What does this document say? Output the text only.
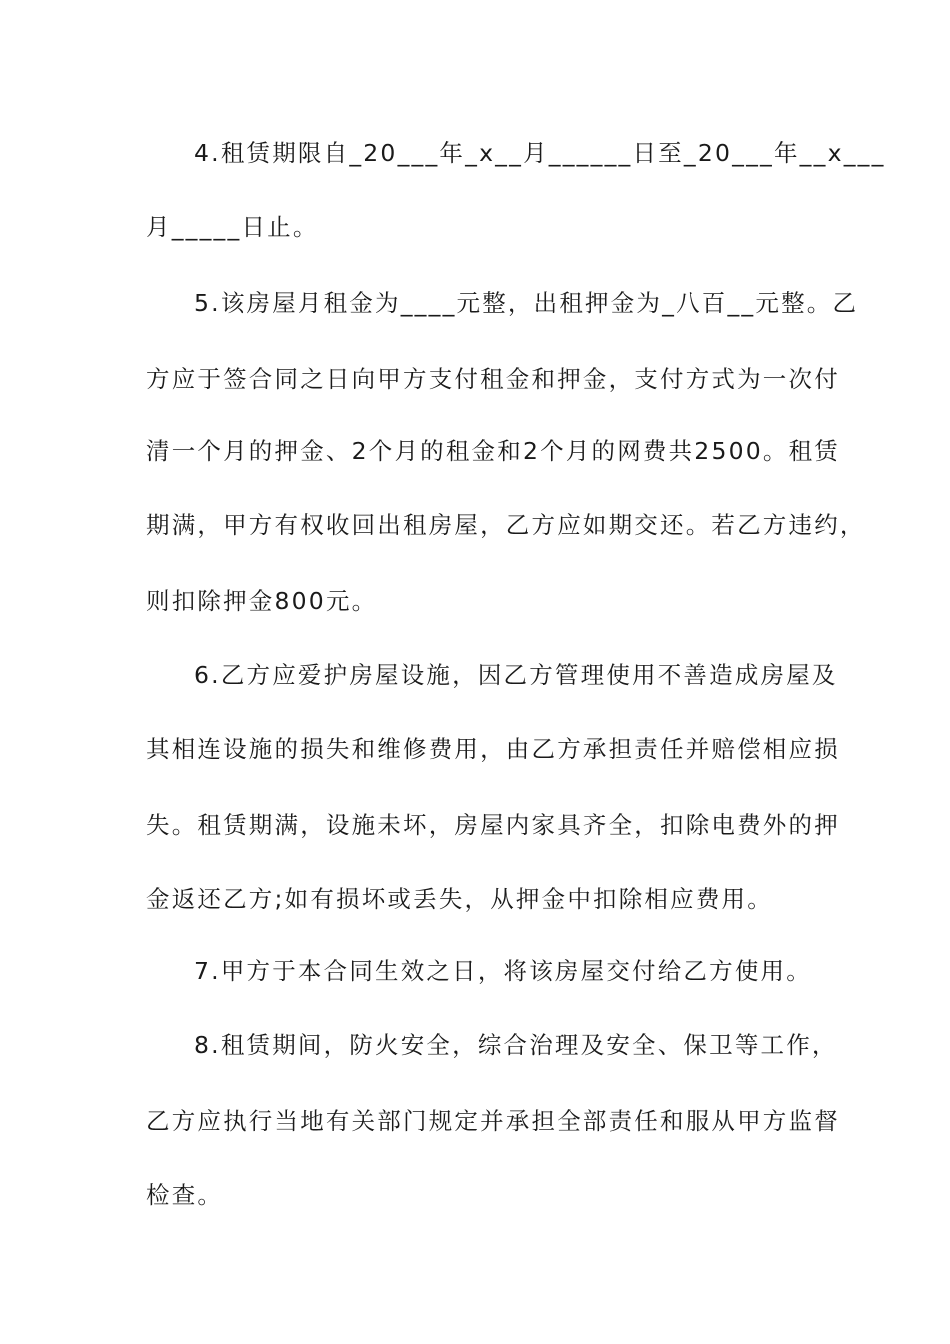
4.租赁期限自_20___年_x__月______日至_20___年__x___
月_____日止。
5.该房屋月租金为____元整，出租押金为_八百__元整。乙
方应于签合同之日向甲方支付租金和押金，支付方式为一次付
清一个月的押金、2个月的租金和2个月的网费共2500。租赁
期满，甲方有权收回出租房屋，乙方应如期交还。若乙方违约，
则扣除押金800元。
6.乙方应爱护房屋设施，因乙方管理使用不善造成房屋及
其相连设施的损失和维修费用，由乙方承担责任并赔偿相应损
失。租赁期满，设施未坏，房屋内家具齐全，扣除电费外的押
金返还乙方;如有损坏或丢失，从押金中扣除相应费用。
7.甲方于本合同生效之日，将该房屋交付给乙方使用。
8.租赁期间，防火安全，综合治理及安全、保卫等工作，
乙方应执行当地有关部门规定并承担全部责任和服从甲方监督
检查。
